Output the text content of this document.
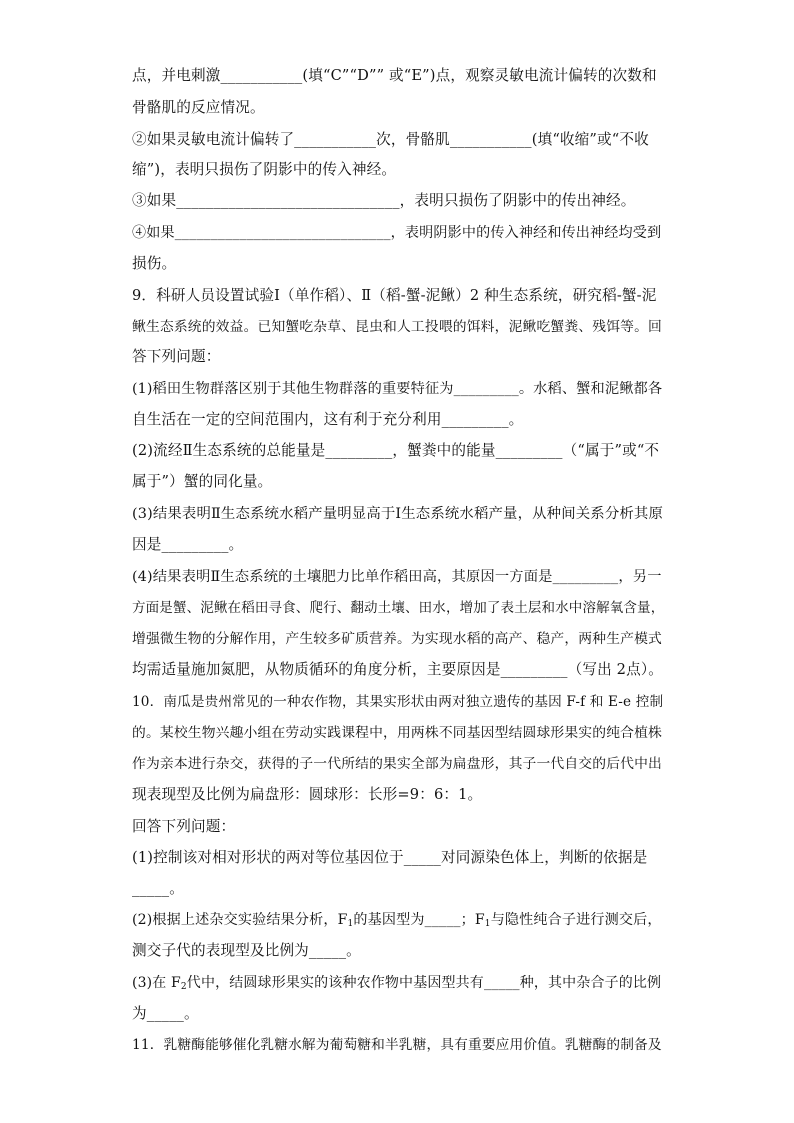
点，并电刺激___________(填“C”“D”” 或“E”)点，观察灵敏电流计偏转的次数和
骨骼肌的反应情况。
②如果灵敏电流计偏转了___________次，骨骼肌___________(填“收缩”或“不收
缩”)，表明只损伤了阴影中的传入神经。
③如果______________________________，表明只损伤了阴影中的传出神经。
④如果______________________________，表明阴影中的传入神经和传出神经均受到
损伤。
9．科研人员设置试验Ⅰ（单作稻）、Ⅱ（稻-蟹-泥鳅）2 种生态系统，研究稻-蟹-泥
鳅生态系统的效益。已知蟹吃杂草、昆虫和人工投喂的饵料，泥鳅吃蟹粪、残饵等。回
答下列问题：
(1)稻田生物群落区别于其他生物群落的重要特征为_________。水稻、蟹和泥鳅都各
自生活在一定的空间范围内，这有利于充分利用_________。
(2)流经Ⅱ生态系统的总能量是_________，蟹粪中的能量_________（“属于”或“不
属于”）蟹的同化量。
(3)结果表明Ⅱ生态系统水稻产量明显高于Ⅰ生态系统水稻产量，从种间关系分析其原
因是_________。
(4)结果表明Ⅱ生态系统的土壤肥力比单作稻田高，其原因一方面是_________，另一
方面是蟹、泥鳅在稻田寻食、爬行、翻动土壤、田水，增加了表土层和水中溶解氧含量，
增强微生物的分解作用，产生较多矿质营养。为实现水稻的高产、稳产，两种生产模式
均需适量施加氮肥，从物质循环的角度分析，主要原因是_________（写出 2点）。
10．南瓜是贵州常见的一种农作物，其果实形状由两对独立遗传的基因 F-f 和 E-e 控制
的。某校生物兴趣小组在劳动实践课程中，用两株不同基因型结圆球形果实的纯合植株
作为亲本进行杂交，获得的子一代所结的果实全部为扁盘形，其子一代自交的后代中出
现表现型及比例为扁盘形：圆球形：长形=9：6：1。
回答下列问题：
(1)控制该对相对形状的两对等位基因位于_____对同源染色体上，判断的依据是
_____。
(2)根据上述杂交实验结果分析，$F_1$的基因型为_____；$F_1$与隐性纯合子进行测交后，
测交子代的表现型及比例为_____。
(3)在 $F_2$代中，结圆球形果实的该种农作物中基因型共有_____种，其中杂合子的比例
为_____。
11．乳糖酶能够催化乳糖水解为葡萄糖和半乳糖，具有重要应用价值。乳糖酶的制备及
